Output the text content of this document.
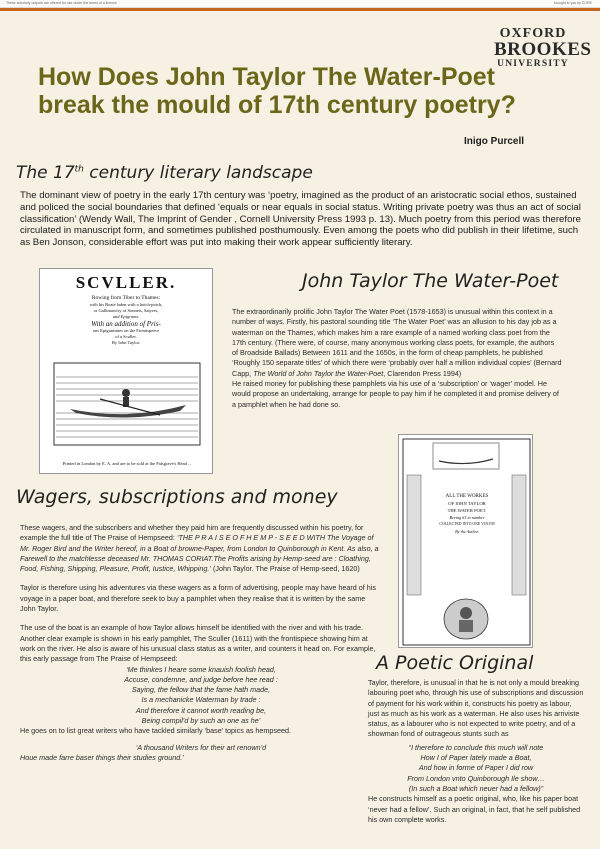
These scholarly outputs are offered for use under the terms of a licence	brought to you by CORE
OXFORD
BROOKES
UNIVERSITY
How Does John Taylor The Water-Poet break the mould of 17th century poetry?
Inigo Purcell
The 17th century literary landscape
The dominant view of poetry in the early 17th century was ‘poetry, imagined as the product of an aristocratic social ethos, sustained and policed the social boundaries that defined ‘equals or near equals in social status. Writing private poetry was thus an act of social classification’ (Wendy Wall, The Imprint of Gender , Cornell University Press 1993 p. 13). Much poetry from this period was therefore circulated in manuscript form, and sometimes published posthumously. Even among the poets who did publish in their lifetime, such as Ben Jonson, considerable effort was put into making their work appear sufficiently literary.
SCVLLER.
Rowing from Tiber to Thames:
with his Boate laden with a hotch-potch,
or Gallimawfry of Sonnets, Satyres,
and Epigrams.
With an addition of Pris-
ons Epigrammes on the Frontispeece
of a Sculler.
By Iohn Taylor.
Printed in London by E. A. and are to be sold at the Palsgrave's Head ...
John Taylor The Water-Poet

The extraordinarily prolific John Taylor The Water Poet (1578-1653) is unusual within this context in a number of ways. Firstly, his pastoral sounding title ‘The Water Poet’ was an allusion to his day job as a waterman on the Thames, which makes him a rare example of a named working class poet from the 17th century. (There were, of course, many anonymous working class poets, for example, the authors of Broadside Ballads) Between 1611 and the 1650s, in the form of cheap pamphlets, he published ‘Roughly 150 separate titles’ of which there were ‘probably over half a million individual copies’ (Bernard Capp, The World of John Taylor the Water-Poet, Clarendon Press 1994)

He raised money for publishing these pamphlets via his use of a ‘subscription’ or ‘wager’ model. He would propose an undertaking, arrange for people to pay him if he completed it and promise delivery of a pamphlet when he had done so.

ALL THE WORKES
OF IOHN TAYLOR
THE WATER POET.
Beeing 63 in number
COLLECTED INTO ONE VOLVM
By the Author.
Wagers, subscriptions and money

These wagers, and the subscribers and whether they paid him are frequently discussed within his poetry, for example the full title of The Praise of Hempseed: ‘THE P R A I S E O F H E M P - S E E D WITH The Voyage of Mr. Roger Bird and the Writer hereof, in a Boat of browne-Paper, from London to Quinborough in Kent. As also, a Farewell to the matchlesse deceased Mr. THOMAS CORIAT.The Profits arising by Hemp-seed are : Cloathing, Food, Fishing, Shipping, Pleasure, Profit, Iustice, Whipping.’ (John Taylor. The Praise of Hemp-seed, 1620)

Taylor is therefore using his adventures via these wagers as a form of advertising, people may have heard of his voyage in a paper boat, and therefore seek to buy a pamphlet when they realise that it is written by the same John Taylor.

The use of the boat is an example of how Taylor allows himself be identified with the river and with his trade. Another clear example is shown in his early pamphlet, The Sculler (1611) with the frontispiece showing him at work on the river. He also is aware of his unusual class status as a writer, and counters it head on. For example, this early passage from The Praise of Hempseed:

‘Me thinkes I heare some knauish foolish head,
Accuse, condemne, and judge before hee read :
Saying, the fellow that the fame hath made,
Is a mechanicke Waterman by trade :
And therefore it cannot worth reading be,
Being compil’d by such an one as he’

He goes on to list great writers who have tackled similarly ‘base’ topics as hempseed.

‘A thousand Writers for their art renown’d
Houe made farre baser things their studies ground.’
A Poetic Original

Taylor, therefore, is unusual in that he is not only a mould breaking labouring poet who, through his use of subscriptions and discussion of payment for his work within it, constructs his poetry as labour, just as much as his work as a waterman. He also uses his arriviste status, as a labourer who is not expected to write poetry, and of a showman fond of outrageous stunts such as

“I therefore to conclude this much will note
How I of Paper lately made a Boat,
And how in forme of Paper I did row
From London vnto Quinborough Ile show…
(In such a Boat which neuer had a fellow)”

He constructs himself as a poetic original, who, like his paper boat ‘never had a fellow’. Such an original, in fact, that he self published his own complete works.
